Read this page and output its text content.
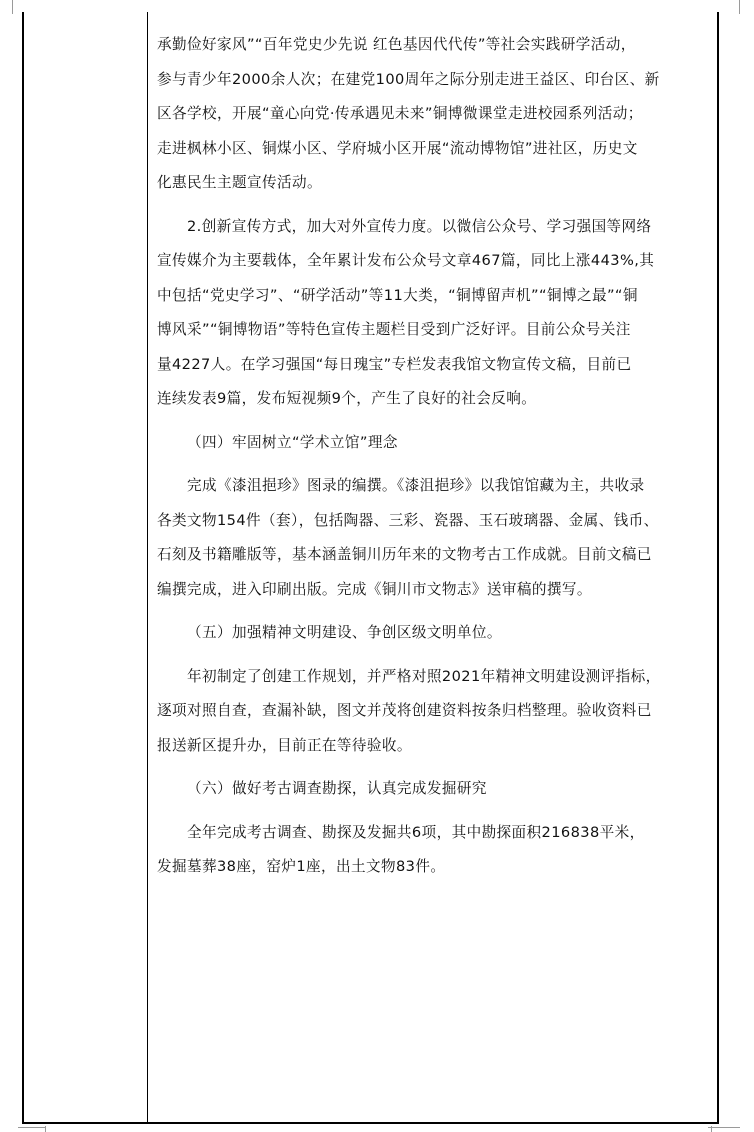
承勤俭好家风”“百年党史少先说 红色基因代代传”等社会实践研学活动，
参与青少年2000余人次；在建党100周年之际分别走进王益区、印台区、新
区各学校，开展“童心向党·传承遇见未来”铜博微课堂走进校园系列活动；
走进枫林小区、铜煤小区、学府城小区开展“流动博物馆”进社区，历史文
化惠民生主题宣传活动。
2.创新宣传方式，加大对外宣传力度。以微信公众号、学习强国等网络
宣传媒介为主要载体，全年累计发布公众号文章467篇，同比上涨443%,其
中包括“党史学习”、“研学活动”等11大类，“铜博留声机”“铜博之最”“铜
博风采”“铜博物语”等特色宣传主题栏目受到广泛好评。目前公众号关注
量4227人。在学习强国“每日瑰宝”专栏发表我馆文物宣传文稿，目前已
连续发表9篇，发布短视频9个，产生了良好的社会反响。
（四）牢固树立“学术立馆”理念
完成《漆沮挹珍》图录的编撰。《漆沮挹珍》以我馆馆藏为主，共收录
各类文物154件（套），包括陶器、三彩、瓷器、玉石玻璃器、金属、钱币、
石刻及书籍雕版等，基本涵盖铜川历年来的文物考古工作成就。目前文稿已
编撰完成，进入印刷出版。完成《铜川市文物志》送审稿的撰写。
（五）加强精神文明建设、争创区级文明单位。
年初制定了创建工作规划，并严格对照2021年精神文明建设测评指标，
逐项对照自查，查漏补缺，图文并茂将创建资料按条归档整理。验收资料已
报送新区提升办，目前正在等待验收。
（六）做好考古调查勘探，认真完成发掘研究
全年完成考古调查、勘探及发掘共6项，其中勘探面积216838平米，
发掘墓葬38座，窑炉1座，出土文物83件。
